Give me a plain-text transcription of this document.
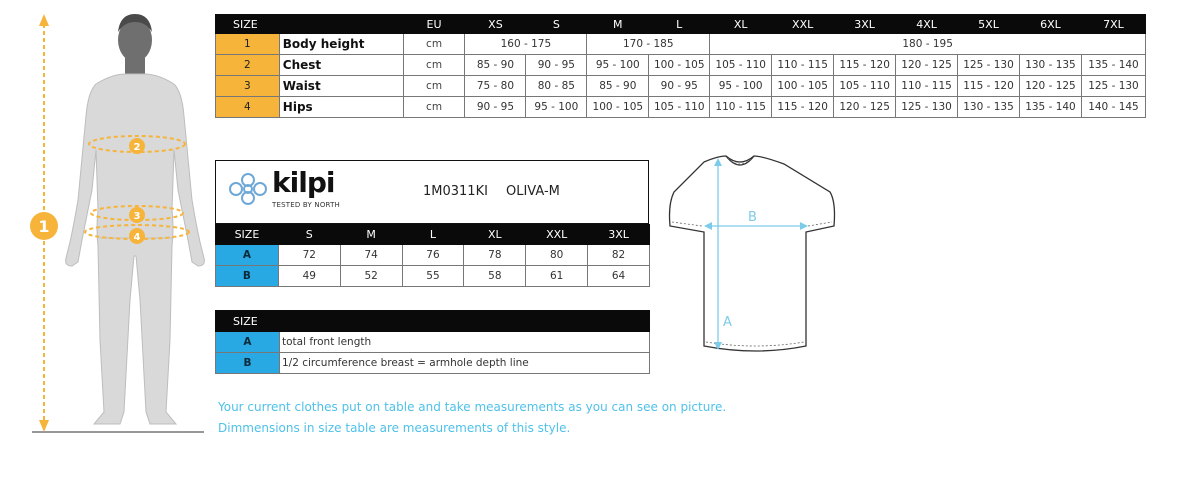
1
2
3
4
SIZE		EU	XS	S	M	L	XL	XXL	3XL	4XL	5XL	6XL	7XL
1	Body height	cm	160 - 175		170 - 185		180 - 195						
2	Chest	cm	85 - 90	90 - 95	95 - 100	100 - 105	105 - 110	110 - 115	115 - 120	120 - 125	125 - 130	130 - 135	135 - 140
3	Waist	cm	75 - 80	80 - 85	85 - 90	90 - 95	95 - 100	100 - 105	105 - 110	110 - 115	115 - 120	120 - 125	125 - 130
4	Hips	cm	90 - 95	95 - 100	100 - 105	105 - 110	110 - 115	115 - 120	120 - 125	125 - 130	130 - 135	135 - 140	140 - 145
kilpi
TESTED BY NORTH
1M0311KI OLIVA-M
SIZE	S	M	L	XL	XXL	3XL
A	72	74	76	78	80	82
B	49	52	55	58	61	64
SIZE	
A	total front length
B	1/2 circumference breast = armhole depth line
B
A
Your current clothes put on table and take measurements as you can see on picture.
Dimmensions in size table are measurements of this style.
